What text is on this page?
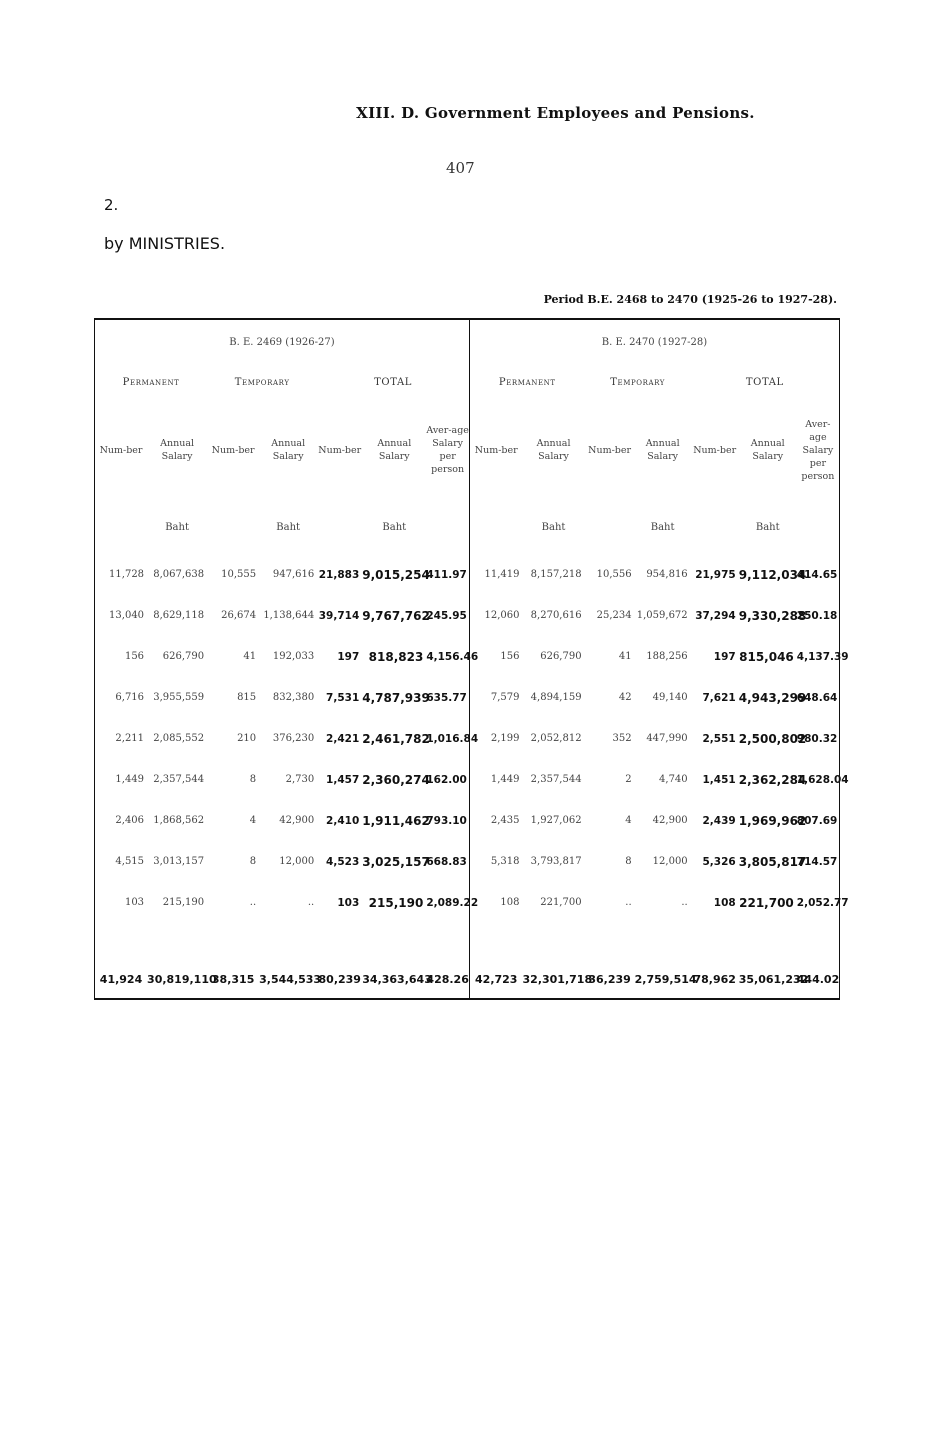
XIII. D. Government Employees and Pensions.
407
2.
by MINISTRIES.
Period B.E. 2468 to 2470 (1925-26 to 1927-28).
B. E. 2469 (1926-27)							B. E. 2470 (1927-28)						
Permanent		Temporary		TOTAL			Permanent		Temporary		TOTAL		
Num-ber	Annual Salary	Num-ber	Annual Salary	Num-ber	Annual Salary	Aver-age Salary per person	Num-ber	Annual Salary	Num-ber	Annual Salary	Num-ber	Annual Salary	Aver-age Salary per person
	Baht		Baht		Baht			Baht		Baht		Baht	
11,728	8,067,638	10,555	947,616	21,883	9,015,254	411.97	11,419	8,157,218	10,556	954,816	21,975	9,112,034	414.65
13,040	8,629,118	26,674	1,138,644	39,714	9,767,762	245.95	12,060	8,270,616	25,234	1,059,672	37,294	9,330,288	250.18
156	626,790	41	192,033	197	818,823	4,156.46	156	626,790	41	188,256	197	815,046	4,137.39
6,716	3,955,559	815	832,380	7,531	4,787,939	635.77	7,579	4,894,159	42	49,140	7,621	4,943,299	648.64
2,211	2,085,552	210	376,230	2,421	2,461,782	1,016.84	2,199	2,052,812	352	447,990	2,551	2,500,802	980.32
1,449	2,357,544	8	2,730	1,457	2,360,274	162.00	1,449	2,357,544	2	4,740	1,451	2,362,284	1,628.04
2,406	1,868,562	4	42,900	2,410	1,911,462	793.10	2,435	1,927,062	4	42,900	2,439	1,969,962	807.69
4,515	3,013,157	8	12,000	4,523	3,025,157	668.83	5,318	3,793,817	8	12,000	5,326	3,805,817	714.57
103	215,190	..	..	103	215,190	2,089.22	108	221,700	..	..	108	221,700	2,052.77

41,924	30,819,110	38,315	3,544,533	80,239	34,363,643	428.26	42,723	32,301,718	36,239	2,759,514	78,962	35,061,232	444.02
